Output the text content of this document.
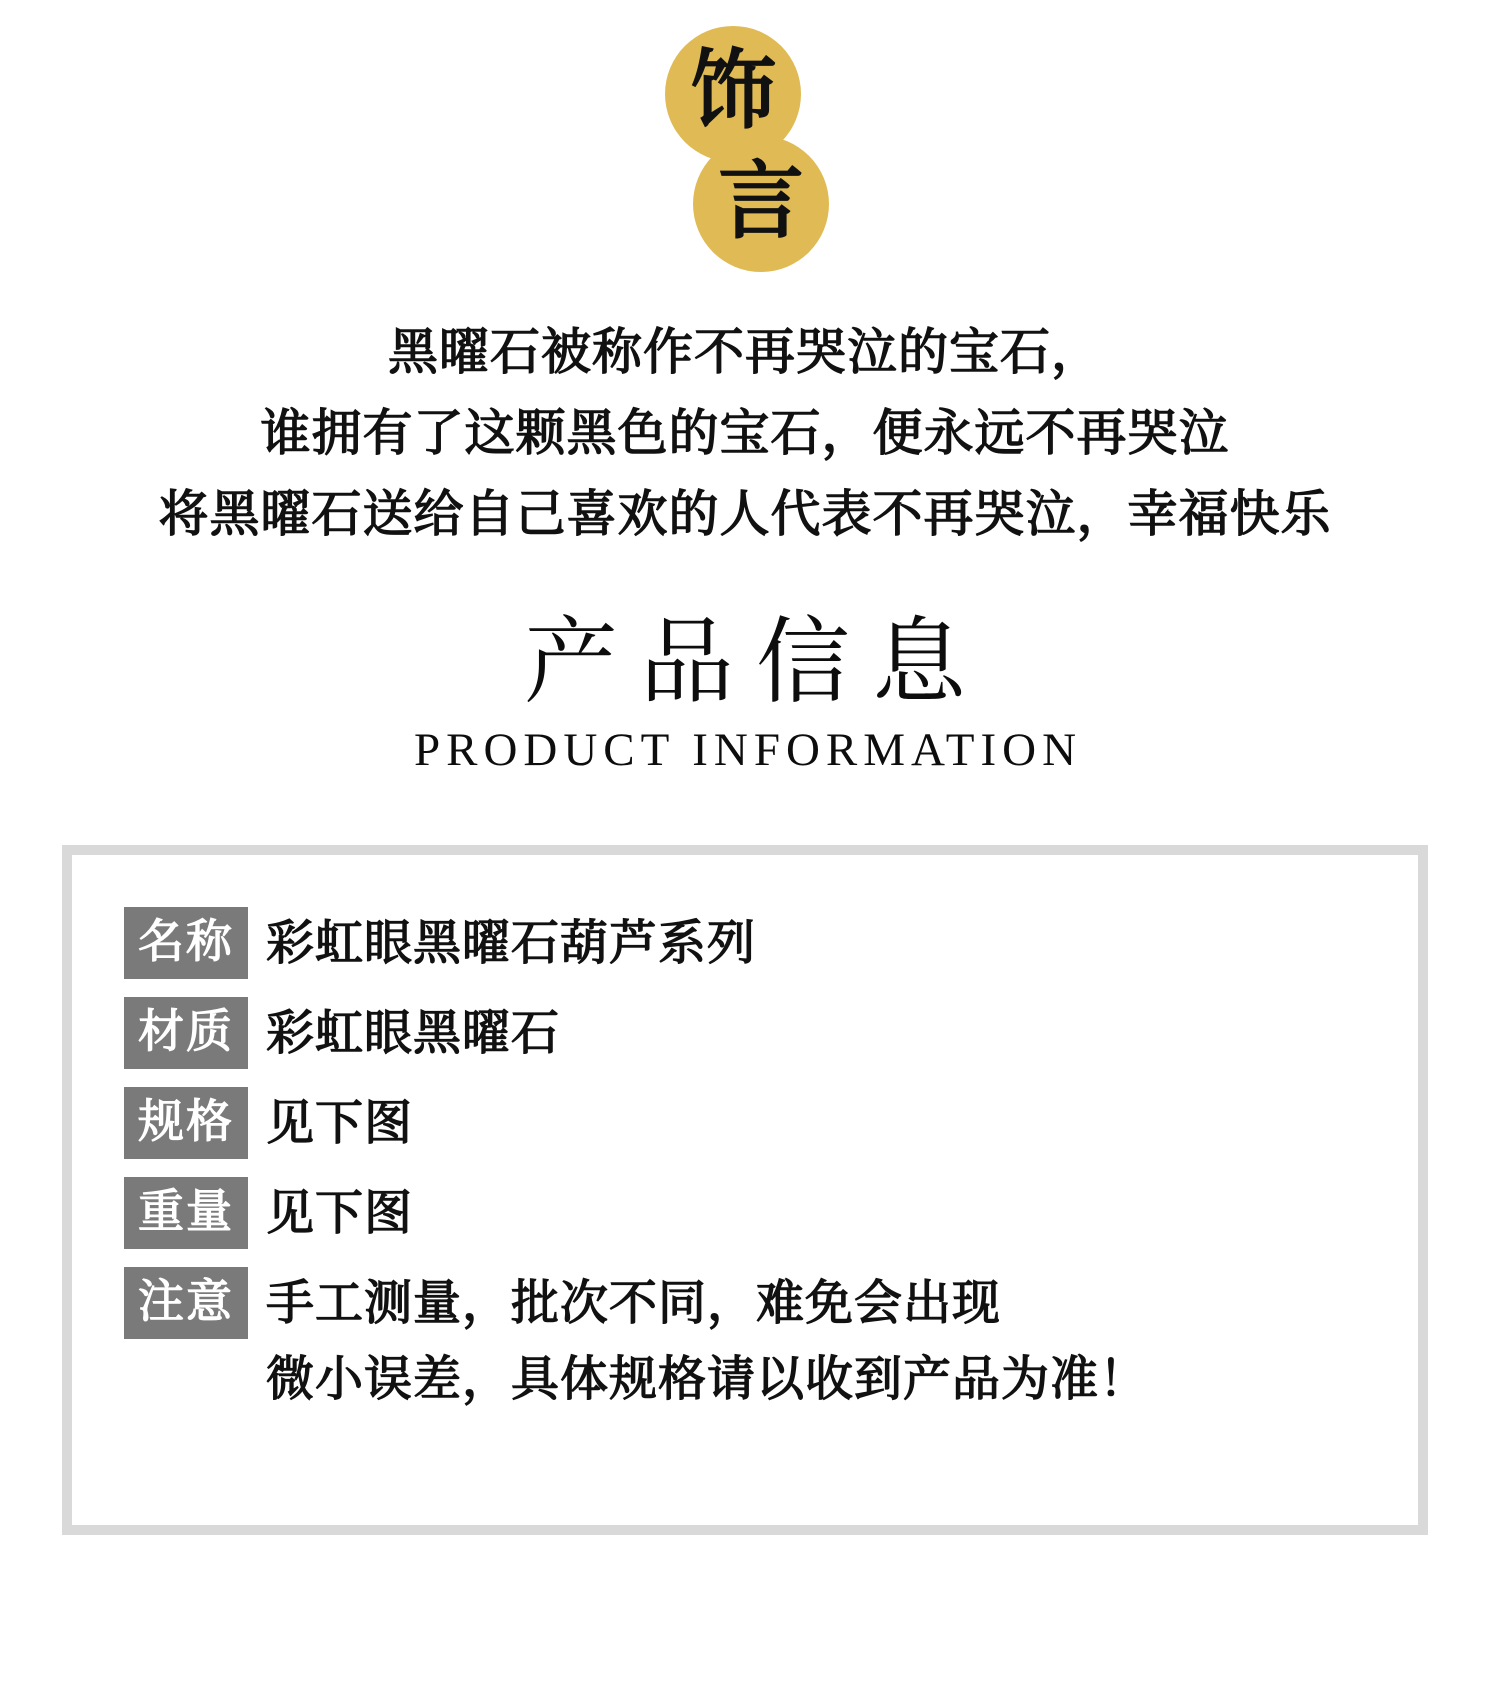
饰
言
黑曜石被称作不再哭泣的宝石，
谁拥有了这颗黑色的宝石，便永远不再哭泣
将黑曜石送给自己喜欢的人代表不再哭泣，幸福快乐
产品信息
PRODUCT INFORMATION
名称 彩虹眼黑曜石葫芦系列
材质 彩虹眼黑曜石
规格 见下图
重量 见下图
注意 手工测量，批次不同，难免会出现
微小误差，具体规格请以收到产品为准！
